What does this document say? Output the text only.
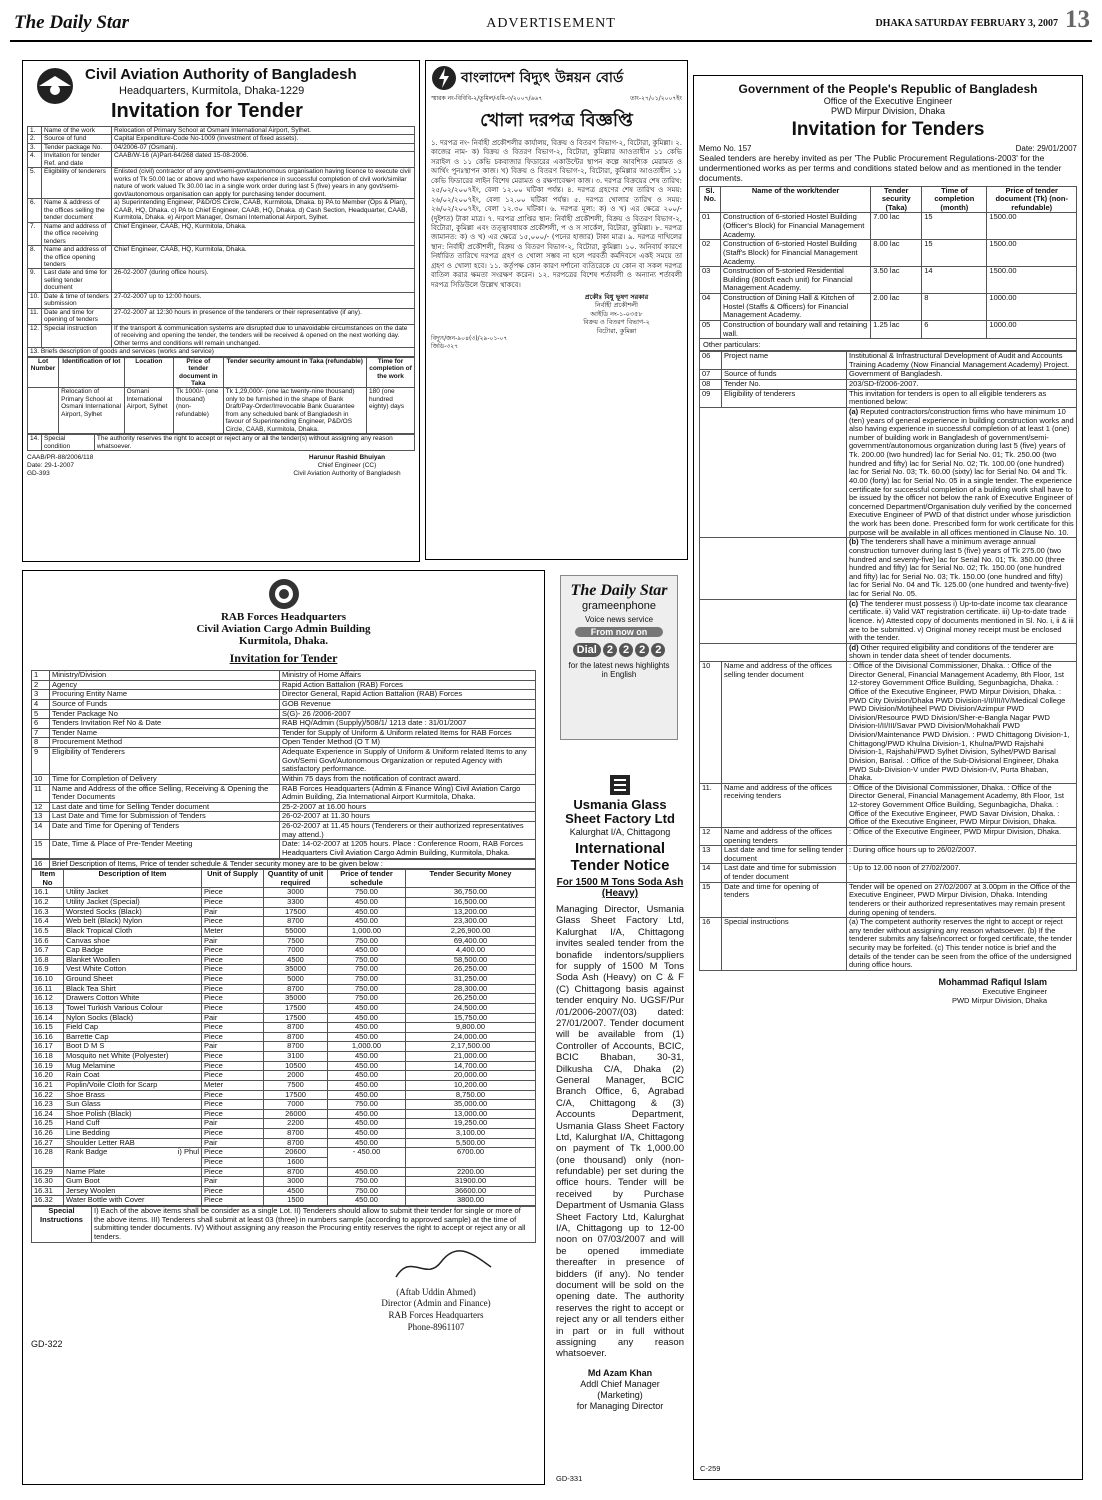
The Daily Star	ADVERTISEMENT	DHAKA SATURDAY FEBRUARY 3, 2007 13
Civil Aviation Authority of Bangladesh
Headquarters, Kurmitola, Dhaka-1229
Invitation for Tender
1.	Name of the work	Relocation of Primary School at Osmani International Airport, Sylhet.
2.	Source of fund	Capital Expenditure-Code No-1009 (Investment of fixed assets).
3.	Tender package No.	04/2006-07 (Osmani).
4.	Invitation for tender Ref. and date	CAAB/W-16 (A)Part-64/268 dated 15-08-2006.
5.	Eligibility of tenderers	Enlisted (civil) contractor of any govt/semi-govt/autonomous organisation having licence to execute civil works of Tk 50.00 lac or above and who have experience in successful completion of civil work/similar nature of work valued Tk 30.00 lac in a single work order during last 5 (five) years in any govt/semi-govt/autonomous organisation can apply for purchasing tender document.
6.	Name & address of the offices selling the tender document	a) Superintending Engineer, P&D/OS Circle, CAAB, Kurmitola, Dhaka. b) PA to Member (Ops & Plan), CAAB, HQ, Dhaka. c) PA to Chief Engineer, CAAB, HQ, Dhaka. d) Cash Section, Headquarter, CAAB, Kurmitola, Dhaka. e) Airport Manager, Osmani International Airport, Sylhet.
7.	Name and address of the office receiving tenders	Chief Engineer, CAAB, HQ, Kurmitola, Dhaka.
8.	Name and address of the office opening tenders	Chief Engineer, CAAB, HQ, Kurmitola, Dhaka.
9.	Last date and time for selling tender document	26-02-2007 (during office hours).
10.	Date & time of tenders submission	27-02-2007 up to 12:00 hours.
11.	Date and time for opening of tenders	27-02-2007 at 12:30 hours in presence of the tenderers or their representative (if any).
12.	Special instruction	If the transport & communication systems are disrupted due to unavoidable circumstances on the date of receiving and opening the tender, the tenders will be received & opened on the next working day. Other terms and conditions will remain unchanged.
13. Briefs description of goods and services (works and service)
Lot Number	Identification of lot	Location	Price of tender document in Taka	Tender security amount in Taka (refundable)	Time for completion of the work
	Relocation of Primary School at Osmani International Airport, Sylhet	Osmani International Airport, Sylhet	Tk 1000/- (one thousand) (non-refundable)	Tk 1,29,000/- (one lac twenty-nine thousand) only to be furnished in the shape of Bank Draft/Pay-Order/Irrevocable Bank Guarantee from any scheduled bank of Bangladesh in favour of Superintending Engineer, P&D/OS Circle, CAAB, Kurmitola, Dhaka.	180 (one hundred eighty) days
14.	Special condition	The authority reserves the right to accept or reject any or all the tender(s) without assigning any reason whatsoever.
CAAB/PR-88/2006/118
Date: 29-1-2007
GD-393
Harunur Rashid Bhuiyan
Chief Engineer (CC)
Civil Aviation Authority of Bangladesh
বাংলাদেশ বিদ্যুৎ উন্নয়ন বোর্ড
স্মারক নং-বিবিবি-২/তুমিল/এমি-৩/২০০৭/৬৬৭	তাং-২৭/০১/২০০৭ইং
খোলা দরপত্র বিজ্ঞপ্তি
১. দরপত্র নং- নির্বাহী প্রকৌশলীর কার্যালয়, বিক্রয় ও বিতরণ বিভাগ-২, বিটোরা, কুমিল্লা। ২. কাজের নাম- ক) বিক্রয় ও বিতরণ বিভাগ-২, বিটোরা, কুমিল্লার আওতাধীন ১১ কেভি সরাইল ও ১১ কেভি চকবাজার ফিডারের একাউন্টের স্থাপন কল্পে আবশ্যিক মেরামত ও আর্থিং পুনঃস্থাপন কাজ। খ) বিক্রয় ও বিতরণ বিভাগ-২, বিটোরা, কুমিল্লার আওতাধীন ১১ কেভি ফিডারের লাইন বিশেষ মেরামত ও রক্ষণাবেক্ষণ কাজ। ৩. দরপত্র বিক্রয়ের শেষ তারিখ: ২৫/০২/২০০৭ইং, বেলা ১২.০০ ঘটিকা পর্যন্ত। ৪. দরপত্র গ্রহণের শেষ তারিখ ও সময়: ২৬/০২/২০০৭ইং, বেলা ১২.০০ ঘটিকা পর্যন্ত। ৫. দরপত্র খোলার তারিখ ও সময়: ২৬/০২/২০০৭ইং, বেলা ১২.৩০ ঘটিকা। ৬. দরপত্র মূল্য: ক) ও খ) এর ক্ষেত্রে ২০০/- (দুইশত) টাকা মাত্র। ৭. দরপত্র প্রাপ্তির স্থান: নির্বাহী প্রকৌশলী, বিক্রয় ও বিতরণ বিভাগ-২, বিটোরা, কুমিল্লা এবং তত্ত্বাবধায়ক প্রকৌশলী, প ও স সার্কেল, বিটোরা, কুমিল্লা। ৮. দরপত্র জামানত: ক) ও খ) এর ক্ষেত্রে ১৫,০০০/- (পনের হাজার) টাকা মাত্র। ৯. দরপত্র দাখিলের স্থান: নির্বাহী প্রকৌশলী, বিক্রয় ও বিতরণ বিভাগ-২, বিটোরা, কুমিল্লা। ১০. অনিবার্য কারণে নির্ধারিত তারিখে দরপত্র গ্রহণ ও খোলা সম্ভব না হলে পরবর্তী কর্মদিবসে একই সময়ে তা গ্রহণ ও খোলা হবে। ১১. কর্তৃপক্ষ কোন কারণ দর্শানো ব্যতিরেকে যে কোন বা সকল দরপত্র বাতিল করার ক্ষমতা সংরক্ষণ করেন। ১২. দরপত্রের বিশেষ শর্তাবলী ও অন্যান্য শর্তাবলী দরপত্র সিডিউলে উল্লেখ থাকবে।
প্রকৌঃ বিধু ভূষণ সরকার
নির্বাহী প্রকৌশলী
আইডি নং-১-০৩৫৮
বিক্রয় ও বিতরণ বিভাগ-২
বিটোরা, কুমিল্লা
বিদ্যুৎ/জন-৯০৪(৩)/২৯-০১-০৭
জিডি-৩২৭
Government of the People's Republic of Bangladesh
Office of the Executive Engineer
PWD Mirpur Division, Dhaka
Invitation for Tenders
Memo No. 157	Date: 29/01/2007
Sealed tenders are hereby invited as per 'The Public Procurement Regulations-2003' for the undermentioned works as per terms and conditions stated below and as mentioned in the tender documents.
Sl. No.	Name of the work/tender	Tender security (Taka)	Time of completion (month)	Price of tender document (Tk) (non-refundable)
01	Construction of 6-storied Hostel Building (Officer's Block) for Financial Management Academy.	7.00 lac	15	1500.00
02	Construction of 6-storied Hostel Building (Staff's Block) for Financial Management Academy.	8.00 lac	15	1500.00
03	Construction of 5-storied Residential Building (800sft each unit) for Financial Management Academy.	3.50 lac	14	1500.00
04	Construction of Dining Hall & Kitchen of Hostel (Staffs & Officers) for Financial Management Academy.	2.00 lac	8	1000.00
05	Construction of boundary wall and retaining wall.	1.25 lac	6	1000.00
Other particulars:
06	Project name	Institutional & Infrastructural Development of Audit and Accounts Training Academy (Now Financial Management Academy) Project.
07	Source of funds	Government of Bangladesh.
08	Tender No.	203/SD-f/2006-2007.
09	Eligibility of tenderers	This invitation for tenders is open to all eligible tenderers as mentioned below:
		(a) Reputed contractors/construction firms who have minimum 10 (ten) years of general experience in building construction works and also having experience in successful completion of at least 1 (one) number of building work in Bangladesh of government/semi-government/autonomous organization during last 5 (five) years of Tk. 200.00 (two hundred) lac for Serial No. 01; Tk. 250.00 (two hundred and fifty) lac for Serial No. 02; Tk. 100.00 (one hundred) lac for Serial No. 03; Tk. 60.00 (sixty) lac for Serial No. 04 and Tk. 40.00 (forty) lac for Serial No. 05 in a single tender. The experience certificate for successful completion of a building work shall have to be issued by the officer not below the rank of Executive Engineer of concerned Department/Organisation duly verified by the concerned Executive Engineer of PWD of that district under whose jurisdiction the work has been done. Prescribed form for work certificate for this purpose will be available in all offices mentioned in Clause No. 10.
		(b) The tenderers shall have a minimum average annual construction turnover during last 5 (five) years of Tk 275.00 (two hundred and seventy-five) lac for Serial No. 01; Tk. 350.00 (three hundred and fifty) lac for Serial No. 02; Tk. 150.00 (one hundred and fifty) lac for Serial No. 03; Tk. 150.00 (one hundred and fifty) lac for Serial No. 04 and Tk. 125.00 (one hundred and twenty-five) lac for Serial No. 05.
		(c) The tenderer must possess i) Up-to-date income tax clearance certificate. ii) Valid VAT registration certificate. iii) Up-to-date trade licence. iv) Attested copy of documents mentioned in Sl. No. i, ii & iii are to be submitted. v) Original money receipt must be enclosed with the tender.
		(d) Other required eligibility and conditions of the tenderer are shown in tender data sheet of tender documents.
10	Name and address of the offices selling tender document	: Office of the Divisional Commissioner, Dhaka. : Office of the Director General, Financial Management Academy, 8th Floor, 1st 12-storey Government Office Building, Segunbagicha, Dhaka. : Office of the Executive Engineer, PWD Mirpur Division, Dhaka. : PWD City Division/Dhaka PWD Division-I/II/III/IV/Medical College PWD Division/Motijheel PWD Division/Azimpur PWD Division/Resource PWD Division/Sher-e-Bangla Nagar PWD Division-I/II/III/Savar PWD Division/Mohakhali PWD Division/Maintenance PWD Division. : PWD Chittagong Division-1, Chittagong/PWD Khulna Division-1, Khulna/PWD Rajshahi Division-1, Rajshahi/PWD Sylhet Division, Sylhet/PWD Barisal Division, Barisal. : Office of the Sub-Divisional Engineer, Dhaka PWD Sub-Division-V under PWD Division-IV, Purta Bhaban, Dhaka.
11.	Name and address of the offices receiving tenders	: Office of the Divisional Commissioner, Dhaka. : Office of the Director General, Financial Management Academy, 8th Floor, 1st 12-storey Government Office Building, Segunbagicha, Dhaka. : Office of the Executive Engineer, PWD Savar Division, Dhaka. : Office of the Executive Engineer, PWD Mirpur Division, Dhaka.
12	Name and address of the offices opening tenders	: Office of the Executive Engineer, PWD Mirpur Division, Dhaka.
13	Last date and time for selling tender document	: During office hours up to 26/02/2007.
14	Last date and time for submission of tender document	: Up to 12.00 noon of 27/02/2007.
15	Date and time for opening of tenders	Tender will be opened on 27/02/2007 at 3.00pm in the Office of the Executive Engineer, PWD Mirpur Division, Dhaka. Intending tenderers or their authorized representatives may remain present during opening of tenders.
16	Special instructions	(a) The competent authority reserves the right to accept or reject any tender without assigning any reason whatsoever. (b) If the tenderer submits any false/incorrect or forged certificate, the tender security may be forfeited. (c) This tender notice is brief and the details of the tender can be seen from the office of the undersigned during office hours.
Mohammad Rafiqul Islam
Executive Engineer
PWD Mirpur Division, Dhaka
C-259
RAB Forces Headquarters
Civil Aviation Cargo Admin Building
Kurmitola, Dhaka.
Invitation for Tender
1	Ministry/Division	Ministry of Home Affairs
2	Agency	Rapid Action Battalion (RAB) Forces
3	Procuring Entity Name	Director General, Rapid Action Battalion (RAB) Forces
4	Source of Funds	GOB Revenue
5	Tender Package No	S(G)- 26 /2006-2007
6	Tenders Invitation Ref No & Date	RAB HQ/Admin (Supply)/508/1/ 1213 date : 31/01/2007
7	Tender Name	Tender for Supply of Uniform & Uniform related Items for RAB Forces
8	Procurement Method	Open Tender Method (O T M)
9	Eligibility of Tenderers	Adequate Experience in Supply of Uniform & Uniform related Items to any Govt/Semi Govt/Autonomous Organization or reputed Agency with satisfactory performance.
10	Time for Completion of Delivery	Within 75 days from the notification of contract award.
11	Name and Address of the office Selling, Receiving & Opening the Tender Documents	RAB Forces Headquarters (Admin & Finance Wing) Civil Aviation Cargo Admin Building, Zia International Airport Kurmitola, Dhaka.
12	Last date and time for Selling Tender document	25-2-2007 at 16.00 hours
13	Last Date and Time for Submission of Tenders	26-02-2007 at 11.30 hours
14	Date and Time for Opening of Tenders	26-02-2007 at 11.45 hours (Tenderers or their authorized representatives may attend.)
15	Date, Time & Place of Pre-Tender Meeting	Date: 14-02-2007 at 1205 hours. Place : Conference Room, RAB Forces Headquarters Civil Aviation Cargo Admin Building, Kurmitola, Dhaka.
16	Brief Description of Items, Price of tender schedule & Tender security money are to be given below :
Item No	Description of Item	Unit of Supply	Quantity of unit required	Price of tender schedule	Tender Security Money
16.1	Utility Jacket	Piece	3000	750.00	36,750.00
16.2	Utility Jacket (Special)	Piece	3300	450.00	16,500.00
16.3	Worsted Socks (Black)	Pair	17500	450.00	13,200.00
16.4	Web belt (Black) Nylon	Piece	8700	450.00	23,300.00
16.5	Black Tropical Cloth	Meter	55000	1,000.00	2,26,900.00
16.6	Canvas shoe	Pair	7500	750.00	69,400.00
16.7	Cap Badge	Piece	7000	450.00	4,400.00
16.8	Blanket Woollen	Piece	4500	750.00	58,500.00
16.9	Vest White Cotton	Piece	35000	750.00	26,250.00
16.10	Ground Sheet	Piece	5000	750.00	31,250.00
16.11	Black Tea Shirt	Piece	8700	750.00	28,300.00
16.12	Drawers Cotton White	Piece	35000	750.00	26,250.00
16.13	Towel Turkish Various Colour	Piece	17500	450.00	24,500.00
16.14	Nylon Socks (Black)	Pair	17500	450.00	15,750.00
16.15	Field Cap	Piece	8700	450.00	9,800.00
16.16	Barrette Cap	Piece	8700	450.00	24,000.00
16.17	Boot D M S	Pair	8700	1,000.00	2,17,500.00
16.18	Mosquito net White (Polyester)	Piece	3100	450.00	21,000.00
16.19	Mug Melamine	Piece	10500	450.00	14,700.00
16.20	Rain Coat	Piece	2000	450.00	20,000.00
16.21	Poplin/Voile Cloth for Scarp	Meter	7500	450.00	10,200.00
16.22	Shoe Brass	Piece	17500	450.00	8,750.00
16.23	Sun Glass	Piece	7000	750.00	35,000.00
16.24	Shoe Polish (Black)	Piece	26000	450.00	13,000.00
16.25	Hand Cuff	Pair	2200	450.00	19,250.00
16.26	Line Bedding	Piece	8700	450.00	3,100.00
16.27	Shoulder Letter RAB	Pair	8700	450.00	5,500.00
16.28	Rank Badge i) Phul	Piece	20600	- 450.00	6700.00
		Piece	1600		
16.29	Name Plate	Piece	8700	450.00	2200.00
16.30	Gum Boot	Pair	3000	750.00	31900.00
16.31	Jersey Woolen	Piece	4500	750.00	36600.00
16.32	Water Bottle with Cover	Piece	1500	450.00	3800.00
Special Instructions	I) Each of the above items shall be consider as a single Lot. II) Tenderers should allow to submit their tender for single or more of the above items. III) Tenderers shall submit at least 03 (three) in numbers sample (according to approved sample) at the time of submitting tender documents. IV) Without assigning any reason the Procuring entity reserves the right to accept or reject any or all tenders.
(Aftab Uddin Ahmed)
Director (Admin and Finance)
RAB Forces Headquarters
Phone-8961107
GD-322
The Daily Star
grameenphone
Voice news service
From now on
Dial 2 2 2 2
for the latest news highlights in English
Usmania Glass
Sheet Factory Ltd
Kalurghat I/A, Chittagong
International Tender Notice
For 1500 M Tons Soda Ash (Heavy)
Managing Director, Usmania Glass Sheet Factory Ltd, Kalurghat I/A, Chittagong invites sealed tender from the bonafide indentors/suppliers for supply of 1500 M Tons Soda Ash (Heavy) on C & F (C) Chittagong basis against tender enquiry No. UGSF/Pur /01/2006-2007/(03) dated: 27/01/2007. Tender document will be available from (1) Controller of Accounts, BCIC, BCIC Bhaban, 30-31, Dilkusha C/A, Dhaka (2) General Manager, BCIC Branch Office, 6, Agrabad C/A, Chittagong & (3) Accounts Department, Usmania Glass Sheet Factory Ltd, Kalurghat I/A, Chittagong on payment of Tk 1,000.00 (one thousand) only (non-refundable) per set during the office hours. Tender will be received by Purchase Department of Usmania Glass Sheet Factory Ltd, Kalurghat I/A, Chittagong up to 12-00 noon on 07/03/2007 and will be opened immediate thereafter in presence of bidders (if any). No tender document will be sold on the opening date. The authority reserves the right to accept or reject any or all tenders either in part or in full without assigning any reason whatsoever.
Md Azam Khan
Addl Chief Manager
(Marketing)
for Managing Director
GD-331
